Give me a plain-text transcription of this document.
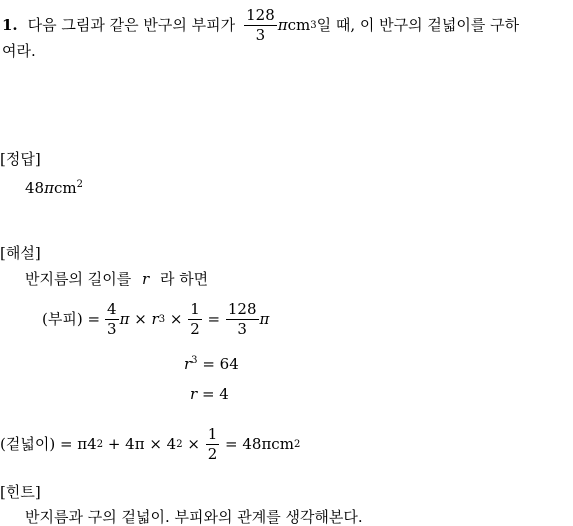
1. 다음 그림과 같은 반구의 부피가 $\frac{128}{3}$ π cm 3 일 때, 이 반구의 겉넓이를 구하
여라.
[정답]
48πcm$^2$
[해설]
반지름의 길이를 r 라 하면
(부피) = $\frac{4}{3}$ π × r $3 \times \frac{1}{2} = \frac{128}{3}$ π
$r^3 = 64$
r = 4
(겉넓이) = π4 2 + 4π × 4 $2 \times \frac{1}{2} = 48\pi cm$ 2
[힌트]
반지름과 구의 겉넓이. 부피와의 관계를 생각해본다.
